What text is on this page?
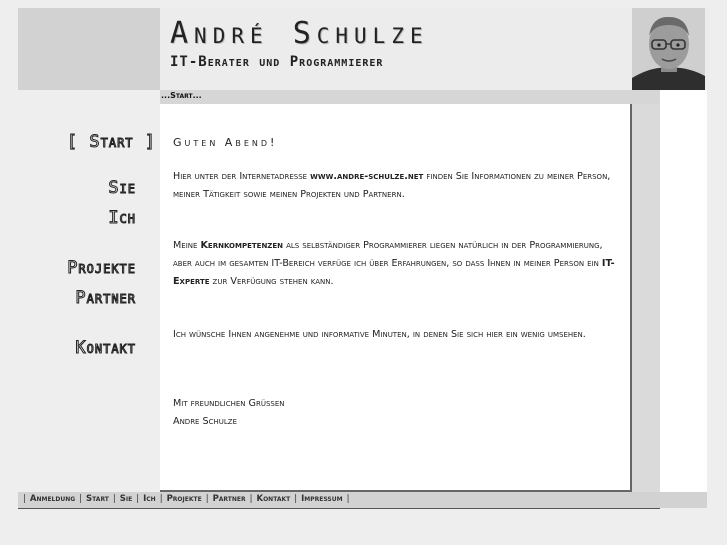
André Schulze
IT-Berater und Programmierer
...Start...
[ Start ]
Sie
Ich
Projekte
Partner
Kontakt
Guten Abend!
Hier unter der Internetadresse www.andre-schulze.net finden Sie Informationen zu meiner Person, meiner Tätigkeit sowie meinen Projekten und Partnern.
Meine Kernkompetenzen als selbständiger Programmierer liegen natürlich in der Programmierung, aber auch im gesamten IT-Bereich verfüge ich über Erfahrungen, so dass Ihnen in meiner Person ein IT-Experte zur Verfügung stehen kann.
Ich wünsche Ihnen angenehme und informative Minuten, in denen Sie sich hier ein wenig umsehen.
Mit freundlichen Grüßen
Andre Schulze
| Anmeldung | Start | Sie | Ich | Projekte | Partner | Kontakt | Impressum |
